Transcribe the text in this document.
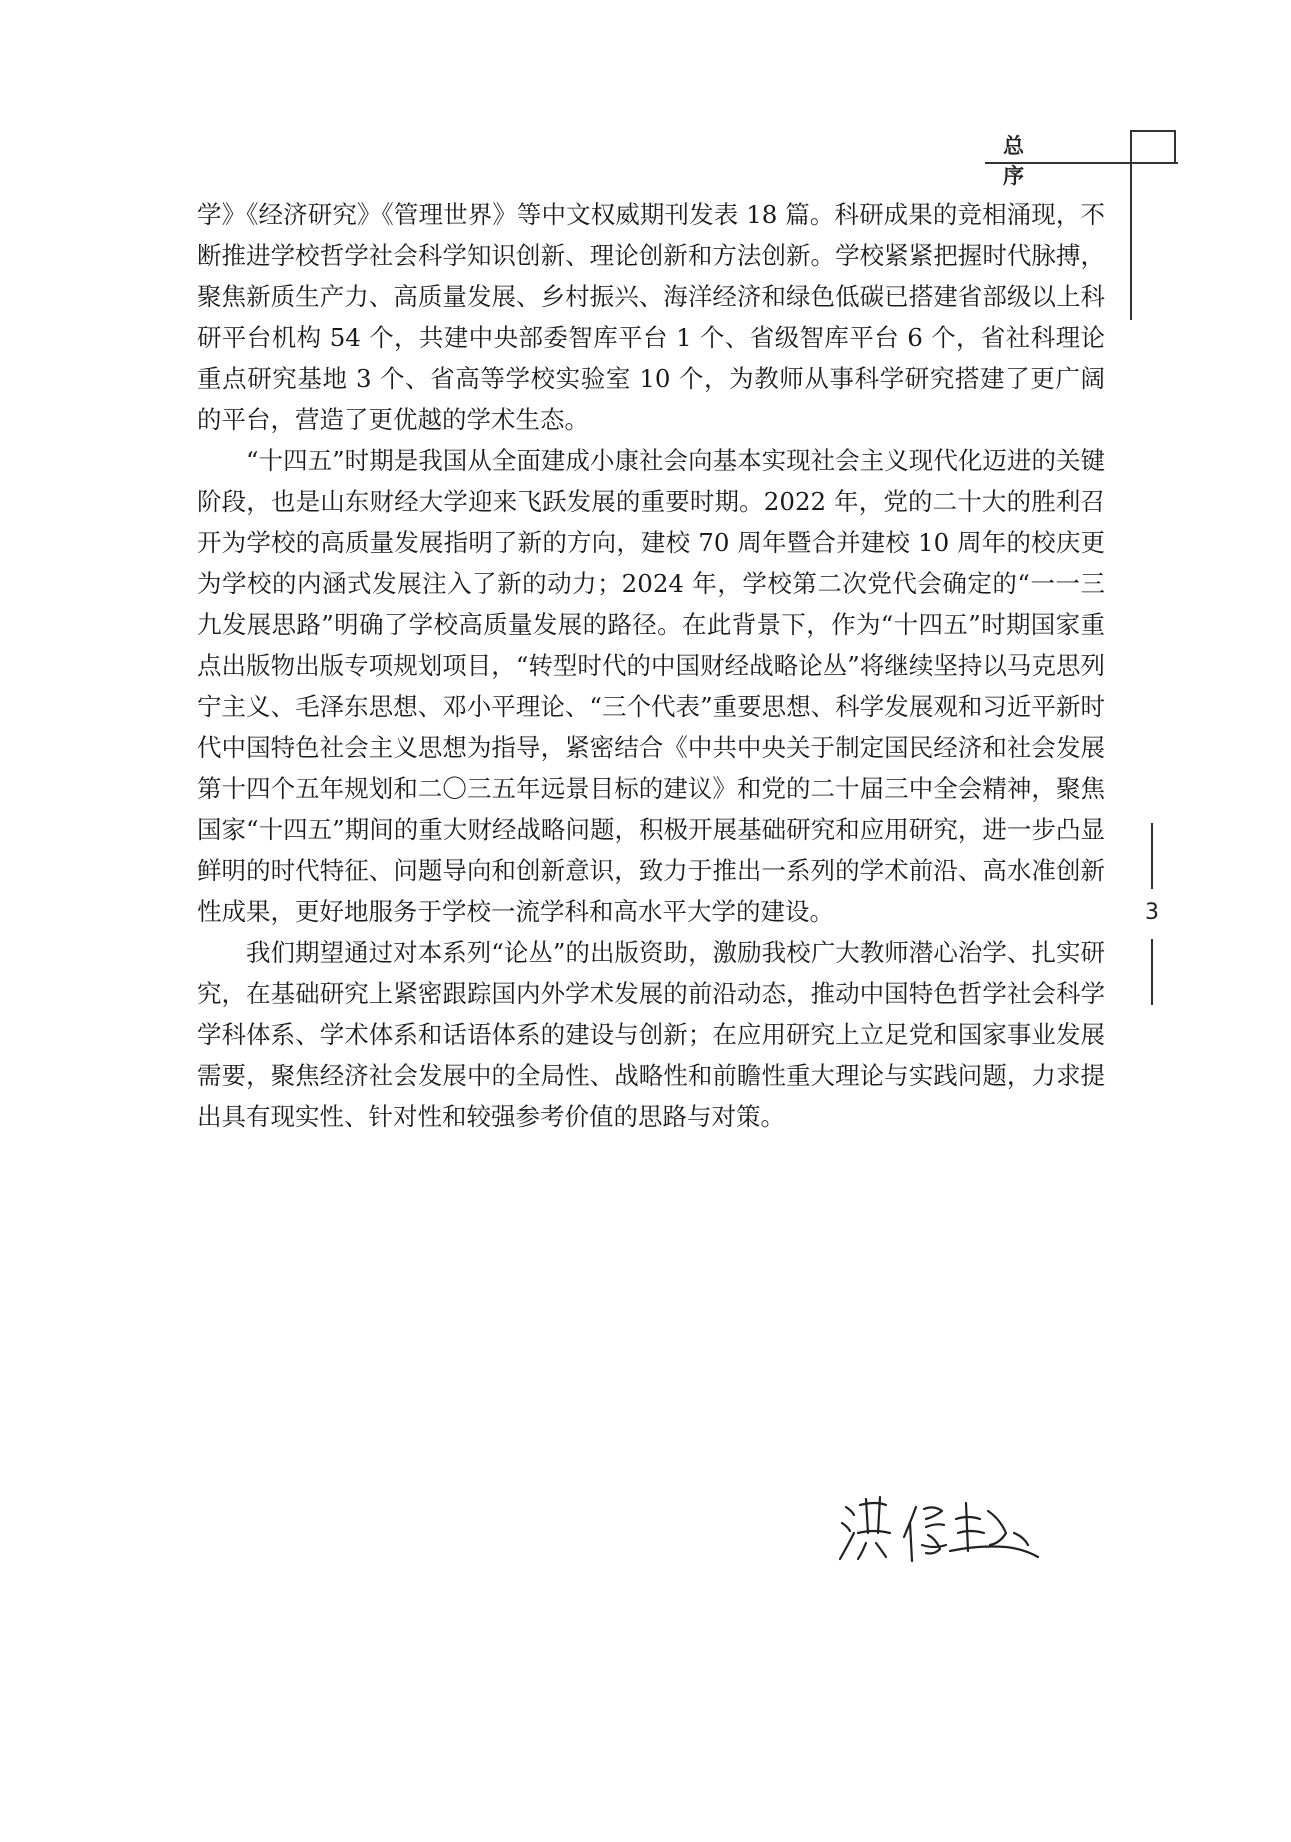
总序
3

学》《经济研究》《管理世界》等中文权威期刊发表 18 篇。科研成果的竞相涌现，不断推进学校哲学社会科学知识创新、理论创新和方法创新。学校紧紧把握时代脉搏，聚焦新质生产力、高质量发展、乡村振兴、海洋经济和绿色低碳已搭建省部级以上科研平台机构 54 个，共建中央部委智库平台 1 个、省级智库平台 6 个，省社科理论重点研究基地 3 个、省高等学校实验室 10 个，为教师从事科学研究搭建了更广阔的平台，营造了更优越的学术生态。

“十四五”时期是我国从全面建成小康社会向基本实现社会主义现代化迈进的关键阶段，也是山东财经大学迎来飞跃发展的重要时期。2022 年，党的二十大的胜利召开为学校的高质量发展指明了新的方向，建校 70 周年暨合并建校 10 周年的校庆更为学校的内涵式发展注入了新的动力；2024 年，学校第二次党代会确定的“一一三九发展思路”明确了学校高质量发展的路径。在此背景下，作为“十四五”时期国家重点出版物出版专项规划项目，“转型时代的中国财经战略论丛”将继续坚持以马克思列宁主义、毛泽东思想、邓小平理论、“三个代表”重要思想、科学发展观和习近平新时代中国特色社会主义思想为指导，紧密结合《中共中央关于制定国民经济和社会发展第十四个五年规划和二〇三五年远景目标的建议》和党的二十届三中全会精神，聚焦国家“十四五”期间的重大财经战略问题，积极开展基础研究和应用研究，进一步凸显鲜明的时代特征、问题导向和创新意识，致力于推出一系列的学术前沿、高水准创新性成果，更好地服务于学校一流学科和高水平大学的建设。

我们期望通过对本系列“论丛”的出版资助，激励我校广大教师潜心治学、扎实研究，在基础研究上紧密跟踪国内外学术发展的前沿动态，推动中国特色哲学社会科学学科体系、学术体系和话语体系的建设与创新；在应用研究上立足党和国家事业发展需要，聚焦经济社会发展中的全局性、战略性和前瞻性重大理论与实践问题，力求提出具有现实性、针对性和较强参考价值的思路与对策。
